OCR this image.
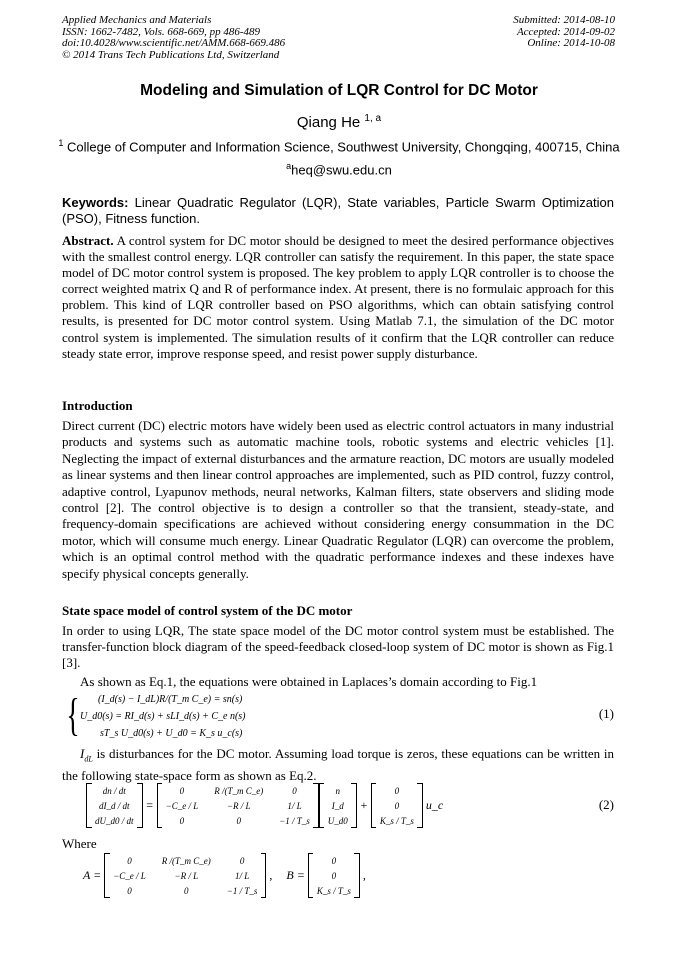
Applied Mechanics and Materials
ISSN: 1662-7482, Vols. 668-669, pp 486-489
doi:10.4028/www.scientific.net/AMM.668-669.486
© 2014 Trans Tech Publications Ltd, Switzerland
Submitted: 2014-08-10
Accepted: 2014-09-02
Online: 2014-10-08
Modeling and Simulation of LQR Control for DC Motor
Qiang He $^{1, a}$
$^1$ College of Computer and Information Science, Southwest University, Chongqing, 400715, China
$^a$heq@swu.edu.cn
Keywords: Linear Quadratic Regulator (LQR), State variables, Particle Swarm Optimization (PSO), Fitness function.
Abstract. A control system for DC motor should be designed to meet the desired performance objectives with the smallest control energy. LQR controller can satisfy the requirement. In this paper, the state space model of DC motor control system is proposed. The key problem to apply LQR controller is to choose the correct weighted matrix Q and R of performance index. At present, there is no formulaic approach for this problem. This kind of LQR controller based on PSO algorithms, which can obtain satisfying control results, is presented for DC motor control system. Using Matlab 7.1, the simulation of the DC motor control system is implemented. The simulation results of it confirm that the LQR controller can reduce steady state error, improve response speed, and resist power supply disturbance.
Introduction
Direct current (DC) electric motors have widely been used as electric control actuators in many industrial products and systems such as automatic machine tools, robotic systems and electric vehicles [1]. Neglecting the impact of external disturbances and the armature reaction, DC motors are usually modeled as linear systems and then linear control approaches are implemented, such as PID control, fuzzy control, adaptive control, Lyapunov methods, neural networks, Kalman filters, state observers and sliding mode control [2]. The control objective is to design a controller so that the transient, steady-state, and frequency-domain specifications are achieved without considering energy consummation in the DC motor, which will consume much energy. Linear Quadratic Regulator (LQR) can overcome the problem, which is an optimal control method with the quadratic performance indexes and these indexes have specify physical concepts generally.
State space model of control system of the DC motor
In order to using LQR, The state space model of the DC motor control system must be established. The transfer-function block diagram of the speed-feedback closed-loop system of DC motor is shown as Fig.1 [3].
As shown as Eq.1, the equations were obtained in Laplaces’s domain according to Fig.1
{ (I_d(s) − I_dL)R/(T_m C_e) = sn(s)
U_d0(s) = RI_d(s) + sLI_d(s) + C_e n(s)
sT_s U_d0(s) + U_d0 = K_s u_c(s)
(1)
$I_{dL}$ is disturbances for the DC motor. Assuming load torque is zeros, these equations can be written in the following state-space form as shown as Eq.2.
dn / dt
dI_d / dt
dU_d0 / dt
=0	R /(T_m C_e)	0
−C_e / L	−R / L	1/ L
0	0	−1 / T_s
n
I_d
U_d0
+0
0
K_s / T_s
u_c	(2)
Where
A =0	R /(T_m C_e)	0
−C_e / L	−R / L	1/ L
0	0	−1 / T_s
, B =0
0
K_s / T_s
,
